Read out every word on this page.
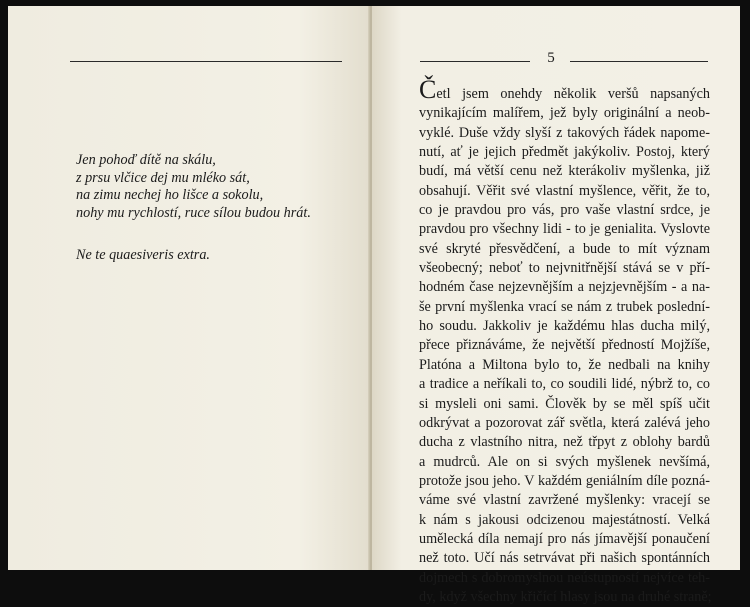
Jen pohoď dítě na skálu,
z prsu vlčice dej mu mléko sát,
na zimu nechej ho lišce a sokolu,
nohy mu rychlostí, ruce sílou budou hrát.
Ne te quaesiveris extra.
5
Četl jsem onehdy několik veršů napsaných
vynikajícím malířem, jež byly originální a neob-
vyklé. Duše vždy slyší z takových řádek napome-
nutí, ať je jejich předmět jakýkoliv. Postoj, který
budí, má větší cenu než kterákoliv myšlenka, již
obsahují. Věřit své vlastní myšlence, věřit, že to,
co je pravdou pro vás, pro vaše vlastní srdce, je
pravdou pro všechny lidi - to je genialita. Vyslovte
své skryté přesvědčení, a bude to mít význam
všeobecný; neboť to nejvnitřnější stává se v pří-
hodném čase nejzevnějším a nejzjevnějším - a na-
še první myšlenka vrací se nám z trubek poslední-
ho soudu. Jakkoliv je každému hlas ducha milý,
přece přiznáváme, že největší předností Mojžíše,
Platóna a Miltona bylo to, že nedbali na knihy
a tradice a neříkali to, co soudili lidé, nýbrž to, co
si mysleli oni sami. Člověk by se měl spíš učit
odkrývat a pozorovat zář světla, která zalévá jeho
ducha z vlastního nitra, než třpyt z oblohy bardů
a mudrců. Ale on si svých myšlenek nevšímá,
protože jsou jeho. V každém geniálním díle pozná-
váme své vlastní zavržené myšlenky: vracejí se
k nám s jakousi odcizenou majestátností. Velká
umělecká díla nemají pro nás jímavější ponaučení
než toto. Učí nás setrvávat při našich spontánních
dojmech s dobromyslnou neústupností nejvíce teh-
dy, když všechny křičící hlasy jsou na druhé straně;
